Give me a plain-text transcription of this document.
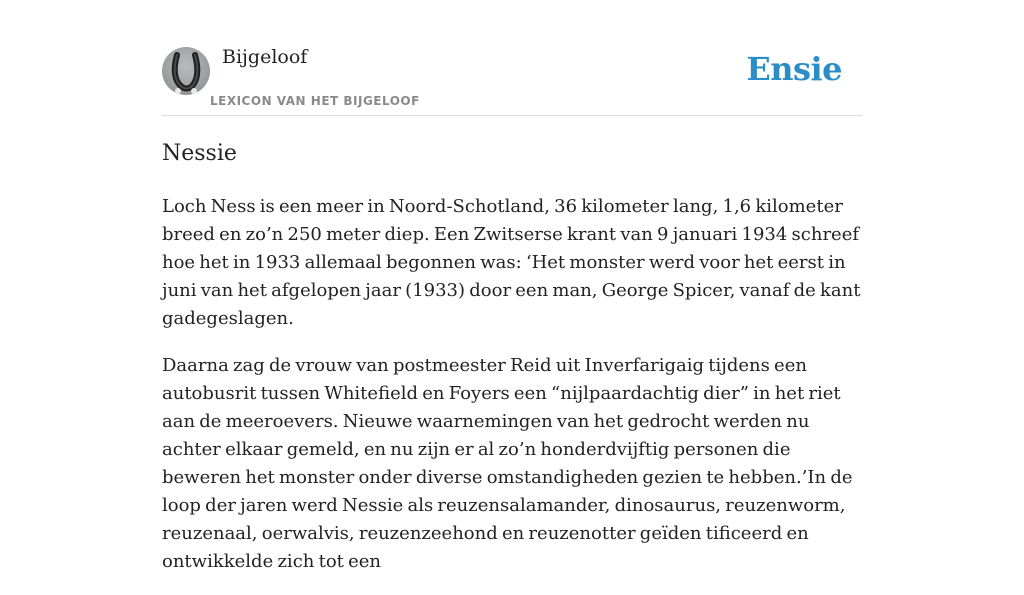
Bijgeloof
LEXICON VAN HET BIJGELOOF
Ensie
Nessie

Loch Ness is een meer in Noord-Schotland, 36 kilometer lang, 1,6 kilometer breed en zo’n 250 meter diep. Een Zwitserse krant van 9 januari 1934 schreef hoe het in 1933 allemaal begonnen was: ‘Het monster werd voor het eerst in juni van het afgelopen jaar (1933) door een man, George Spicer, vanaf de kant gadegeslagen.

Daarna zag de vrouw van postmeester Reid uit Inverfarigaig tijdens een autobusrit tussen Whitefield en Foyers een “nijlpaardachtig dier” in het riet aan de meeroevers. Nieuwe waarnemingen van het gedrocht werden nu achter elkaar gemeld, en nu zijn er al zo’n honderdvijftig personen die beweren het monster onder diverse omstandigheden gezien te hebben.’In de loop der jaren werd Nessie als reuzensalamander, dinosaurus, reuzenworm, reuzenaal, oerwalvis, reuzenzeehond en reuzenotter geïden tificeerd en ontwikkelde zich tot een
